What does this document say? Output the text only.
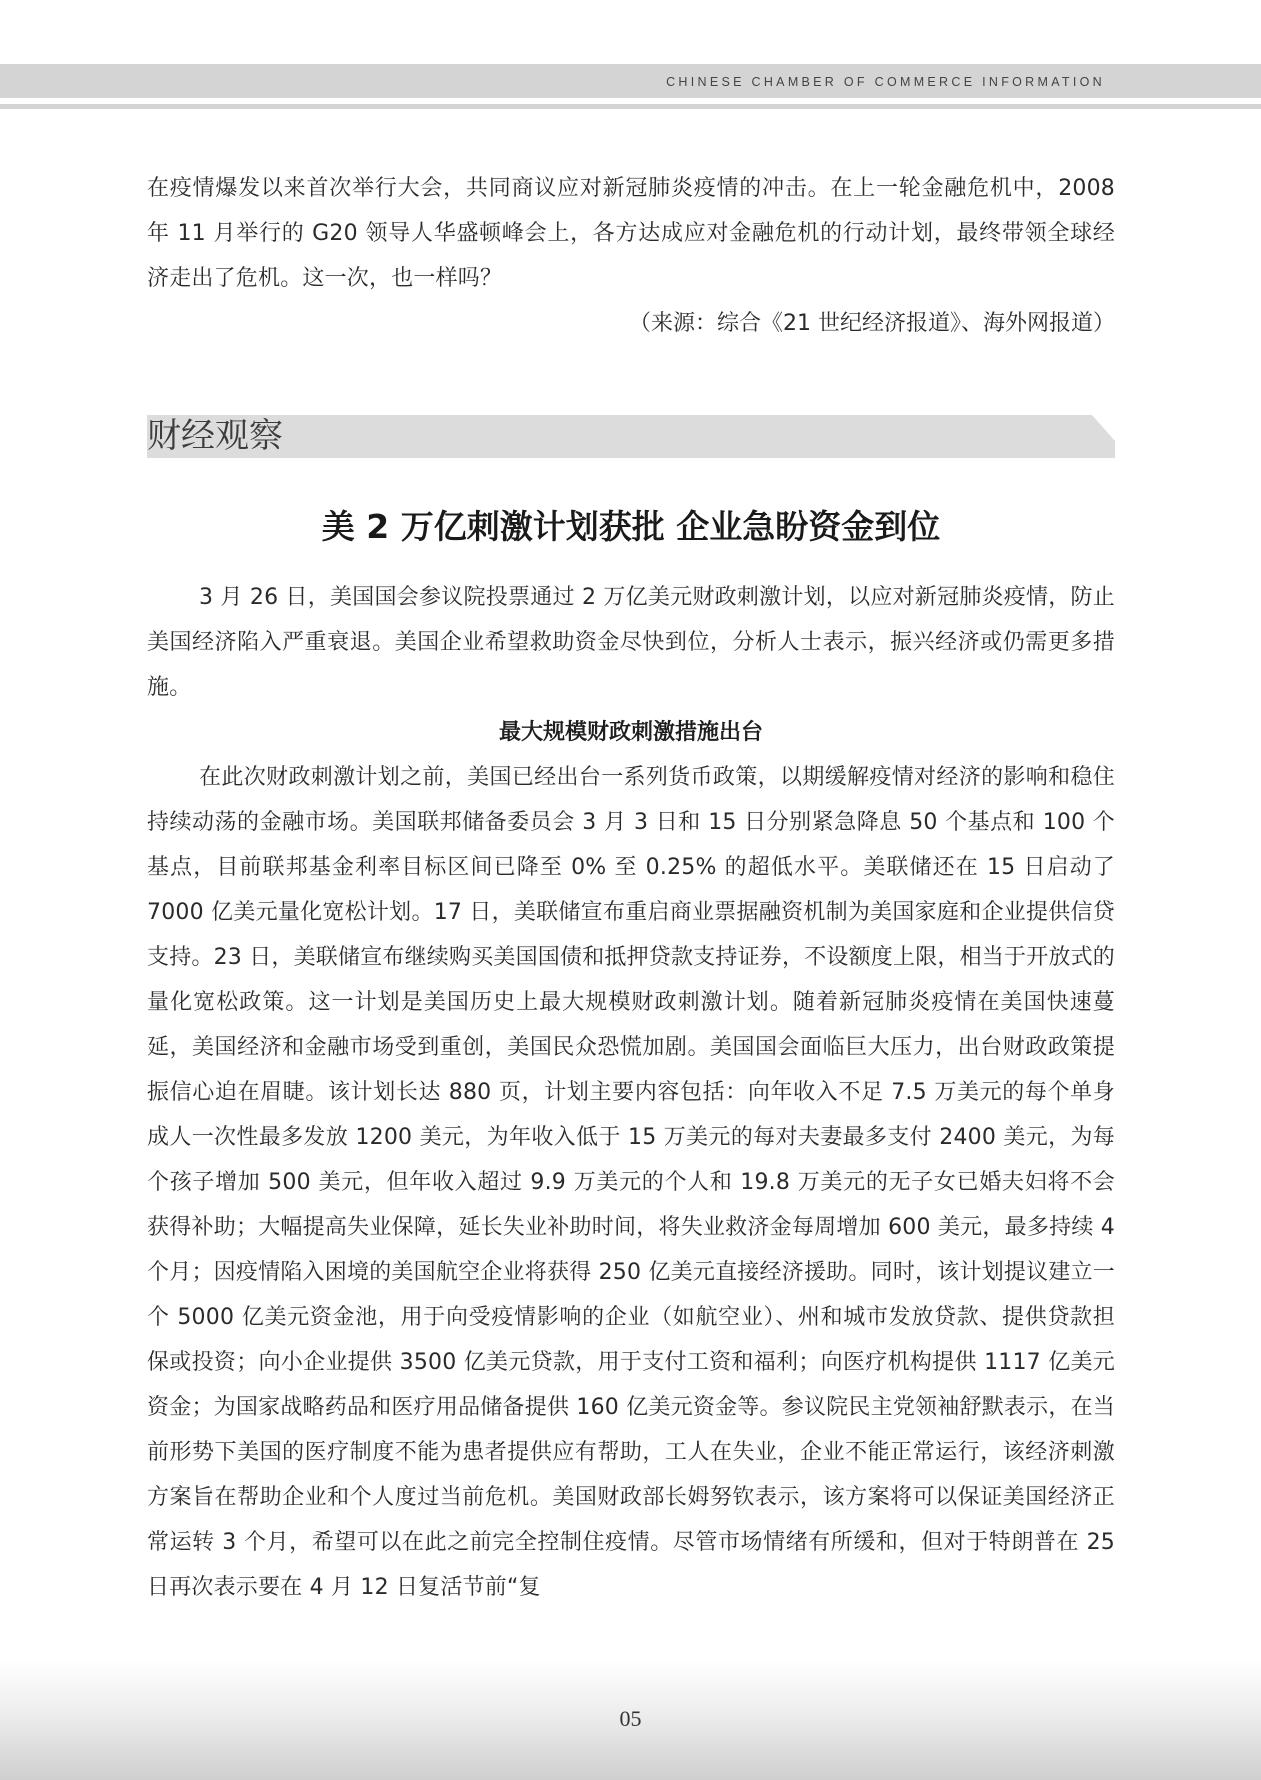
CHINESE CHAMBER OF COMMERCE INFORMATION

在疫情爆发以来首次举行大会，共同商议应对新冠肺炎疫情的冲击。在上一轮金融危机中，2008 年 11 月举行的 G20 领导人华盛顿峰会上，各方达成应对金融危机的行动计划，最终带领全球经济走出了危机。这一次，也一样吗？

（来源：综合《21 世纪经济报道》、海外网报道）
财经观察
美 2 万亿刺激计划获批 企业急盼资金到位

3 月 26 日，美国国会参议院投票通过 2 万亿美元财政刺激计划，以应对新冠肺炎疫情，防止美国经济陷入严重衰退。美国企业希望救助资金尽快到位，分析人士表示，振兴经济或仍需更多措施。

最大规模财政刺激措施出台

在此次财政刺激计划之前，美国已经出台一系列货币政策，以期缓解疫情对经济的影响和稳住持续动荡的金融市场。美国联邦储备委员会 3 月 3 日和 15 日分别紧急降息 50 个基点和 100 个基点，目前联邦基金利率目标区间已降至 0% 至 0.25% 的超低水平。美联储还在 15 日启动了 7000 亿美元量化宽松计划。17 日，美联储宣布重启商业票据融资机制为美国家庭和企业提供信贷支持。23 日，美联储宣布继续购买美国国债和抵押贷款支持证券，不设额度上限，相当于开放式的量化宽松政策。这一计划是美国历史上最大规模财政刺激计划。随着新冠肺炎疫情在美国快速蔓延，美国经济和金融市场受到重创，美国民众恐慌加剧。美国国会面临巨大压力，出台财政政策提振信心迫在眉睫。该计划长达 880 页，计划主要内容包括：向年收入不足 7.5 万美元的每个单身成人一次性最多发放 1200 美元，为年收入低于 15 万美元的每对夫妻最多支付 2400 美元，为每个孩子增加 500 美元，但年收入超过 9.9 万美元的个人和 19.8 万美元的无子女已婚夫妇将不会获得补助；大幅提高失业保障，延长失业补助时间，将失业救济金每周增加 600 美元，最多持续 4 个月；因疫情陷入困境的美国航空企业将获得 250 亿美元直接经济援助。同时，该计划提议建立一个 5000 亿美元资金池，用于向受疫情影响的企业（如航空业）、州和城市发放贷款、提供贷款担保或投资；向小企业提供 3500 亿美元贷款，用于支付工资和福利；向医疗机构提供 1117 亿美元资金；为国家战略药品和医疗用品储备提供 160 亿美元资金等。参议院民主党领袖舒默表示，在当前形势下美国的医疗制度不能为患者提供应有帮助，工人在失业，企业不能正常运行，该经济刺激方案旨在帮助企业和个人度过当前危机。美国财政部长姆努钦表示，该方案将可以保证美国经济正常运转 3 个月，希望可以在此之前完全控制住疫情。尽管市场情绪有所缓和，但对于特朗普在 25 日再次表示要在 4 月 12 日复活节前“复

05
